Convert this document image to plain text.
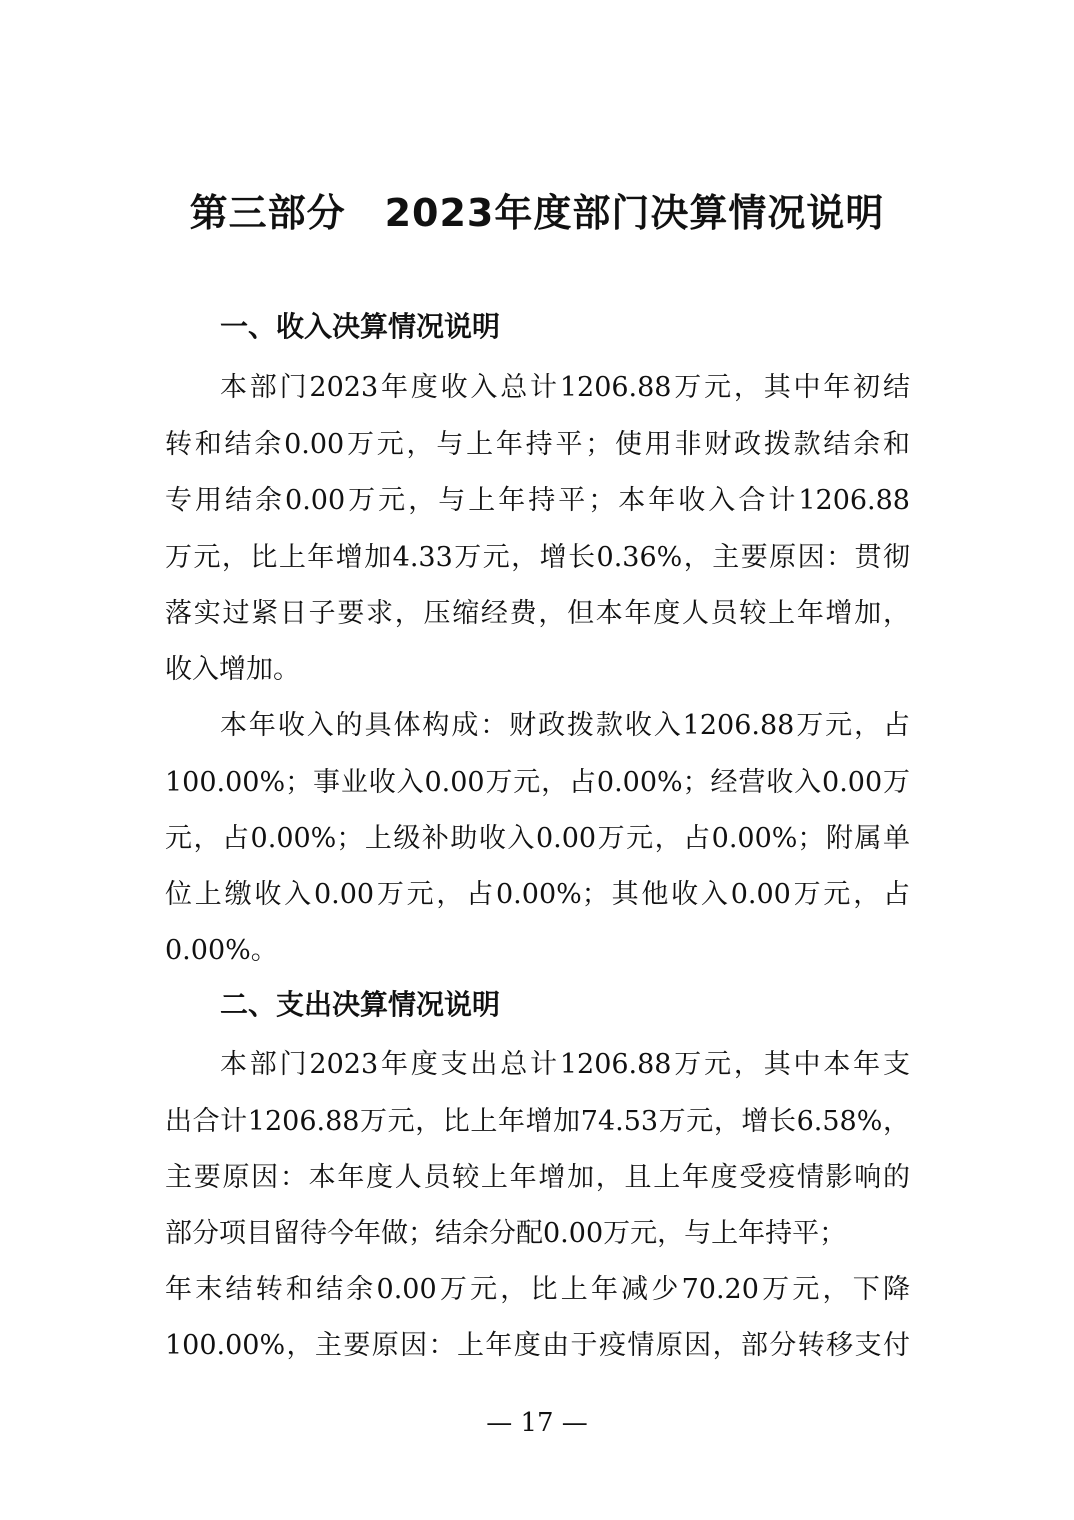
第三部分　2023年度部门决算情况说明
一、收入决算情况说明
本部门2023年度收入总计1206.88万元，其中年初结
转和结余0.00万元，与上年持平；使用非财政拨款结余和
专用结余0.00万元，与上年持平；本年收入合计1206.88
万元，比上年增加4.33万元，增长0.36%，主要原因：贯彻
落实过紧日子要求，压缩经费，但本年度人员较上年增加，
收入增加。
本年收入的具体构成：财政拨款收入1206.88万元，占
100.00%；事业收入0.00万元，占0.00%；经营收入0.00万
元，占0.00%；上级补助收入0.00万元，占0.00%；附属单
位上缴收入0.00万元，占0.00%；其他收入0.00万元，占
0.00%。
二、支出决算情况说明
本部门2023年度支出总计1206.88万元，其中本年支
出合计1206.88万元，比上年增加74.53万元，增长6.58%，
主要原因：本年度人员较上年增加，且上年度受疫情影响的
部分项目留待今年做；结余分配0.00万元，与上年持平；
年末结转和结余0.00万元，比上年减少70.20万元，下降
100.00%，主要原因：上年度由于疫情原因，部分转移支付
— 17 —
